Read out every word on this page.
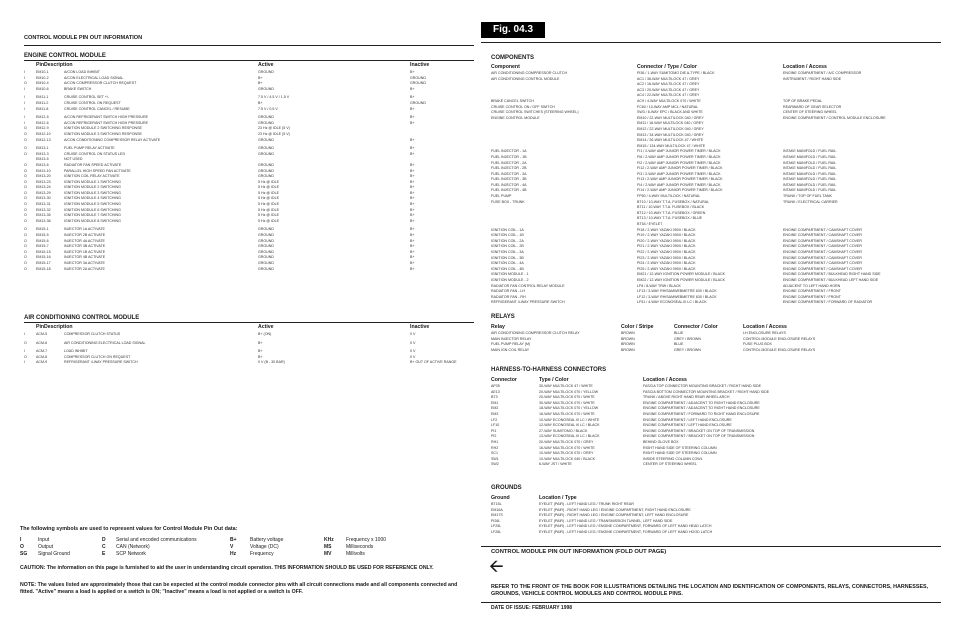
CONTROL MODULE PIN OUT INFORMATION
ENGINE CONTROL MODULE
Pin Description	Active	Inactive
I	EM10-1	A/CON LOAD INHIBIT	GROUND	B+
I	EM10-2	A/CON ELECTRICAL LOAD SIGNAL	B+	GROUND
O	EM10-4	A/CON COMPRESSOR CLUTCH REQUEST	B+	GROUND
I	EM10-6	BRAKE SWITCH	GROUND	B+
I	EM11-1	CRUISE CONTROL SET +/-	7.5 V / 4.5 V / 1.5 V	B+
I	EM11-2	CRUISE CONTROL ON REQUEST	B+	GROUND
I	EM11-8	CRUISE CONTROL CANCEL / RESUME	7.5 V / 0.5 V	B+
I	EM12-5	A/CON REFRIGERANT SWITCH HIGH PRESSURE	GROUND	B+
I	EM12-6	A/CON REFRIGERANT SWITCH HIGH PRESSURE	GROUND	B+
O	EM12-9	IGNITION MODULE 2 SWITCHING RESPONSE	23 Hz @ IDLE (5 V)
O	EM12-10	IGNITION MODULE 3 SWITCHING RESPONSE	23 Hz @ IDLE (5 V)
O	EM12-13	A/CON CONDITIONING COMPRESSOR RELAY ACTIVATE	GROUND	B+
O	EM13-1	FUEL PUMP RELAY ACTIVATE	GROUND	B+
O	EM13-3	CRUISE CONTROL ON STATUS LED	GROUND	B+
EM13-5	NOT USED
O	EM13-6	RADIATOR FAN SPEED ACTIVATE	GROUND	B+
O	EM13-10	PARALLEL HIGH SPEED FAN ACTIVATE	GROUND	B+
O	EM13-20	IGNITION COIL RELAY ACTIVATE	GROUND	B+
O	EM13-23	IGNITION MODULE 1 SWITCHING	5 Hz @ IDLE	B+
O	EM13-24	IGNITION MODULE 2 SWITCHING	5 Hz @ IDLE	B+
O	EM13-29	IGNITION MODULE 3 SWITCHING	5 Hz @ IDLE	B+
O	EM13-30	IGNITION MODULE 4 SWITCHING	5 Hz @ IDLE	B+
O	EM13-31	IGNITION MODULE 5 SWITCHING	5 Hz @ IDLE	B+
O	EM13-32	IGNITION MODULE 6 SWITCHING	5 Hz @ IDLE	B+
O	EM13-35	IGNITION MODULE 7 SWITCHING	5 Hz @ IDLE	B+
O	EM13-36	IGNITION MODULE 8 SWITCHING	5 Hz @ IDLE	B+
O	EM15-1	INJECTOR 1A ACTIVATE	GROUND	B+
O	EM15-5	INJECTOR 2B ACTIVATE	GROUND	B+
O	EM15-6	INJECTOR 4A ACTIVATE	GROUND	B+
O	EM15-7	INJECTOR 3B ACTIVATE	GROUND	B+
O	EM15-15	INJECTOR 1B ACTIVATE	GROUND	B+
O	EM15-16	INJECTOR 4B ACTIVATE	GROUND	B+
O	EM15-17	INJECTOR 3A ACTIVATE	GROUND	B+
O	EM15-18	INJECTOR 2A ACTIVATE	GROUND	B+
AIR CONDITIONING CONTROL MODULE
Pin Description	Active	Inactive
I	ACM-5	COMPRESSOR CLUTCH STATUS	B+ (ON)	0 V
O	ACM-6	AIR CONDITIONING ELECTRICAL LOAD SIGNAL	B+	0 V
I	ACM-7	LOAD INHIBIT	B+	0 V
O	ACM-8	COMPRESSOR CLUTCH ON REQUEST	B+	0 V
I	ACM-9	REFRIGERANT 4-WAY PRESSURE SWITCH	0 V (B - 30 BAR)	B+ OUT OF ACTIVE RANGE
The following symbols are used to represent values for Control Module Pin Out data:
I	Input	D	Serial and encoded communications	B+	Battery voltage	KHz	Frequency x 1000
O	Output	C	CAN (Network)	V	Voltage (DC)	MS	Milliseconds
SG	Signal Ground	E	SCP Network	Hz	Frequency	MV	Millivolts
CAUTION: The information on this page is furnished to aid the user in understanding circuit operation. THIS INFORMATION SHOULD BE USED FOR REFERENCE ONLY.
NOTE: The values listed are approximately those that can be expected at the control module connector pins with all circuit connections made and all components connected and fitted. "Active" means a load is applied or a switch is ON; "Inactive" means a load is not applied or a switch is OFF.
Fig. 04.3
COMPONENTS
Component	Connector / Type / Color	Location / Access
AIR CONDITIONING COMPRESSOR CLUTCH	PI36 / 1-WAY SUMITOMO DIE A-TYPE / BLACK	ENGINE COMPARTMENT / A/C COMPRESSOR
AIR CONDITIONING CONTROL MODULE	AC1 / 36-WAY MULTILOCK 47 / GREY	INSTRUMENT / RIGHT HAND SIDE
AC2 / 16-WAY MULTILOCK 47 / GREY
AC3 / 20-WAY MULTILOCK 47 / GREY
AC4 / 22-WAY MULTILOCK 47 / GREY
BRAKE CANCEL SWITCH	AC9 / 4-WAY MULTILOCK 070 / WHITE	TOP OF BRAKE PEDAL
CRUISE CONTROL ON / OFF SWITCH	FC60 / 10-WAY AMP MCL / NATURAL	REARWARD OF GEAR SELECTOR
CRUISE CONTROL SWITCHES (STEERING WHEEL)	SW3 / 6-WAY EPC / BLACK AND WHITE	CENTER OF STEERING WHEEL
ENGINE CONTROL MODULE	EM10 / 22-WAY MULTILOCK 040 / GREY	ENGINE COMPARTMENT / CONTROL MODULE ENCLOSURE
EM11 / 16-WAY MULTILOCK 040 / GREY
EM12 / 22-WAY MULTILOCK 040 / GREY
EM13 / 34-WAY MULTILOCK 040 / GREY
EM14 / 26-WAY MULTILOCK 47 / WHITE
EM15 / 134-WAY MULTILOCK 47 / WHITE
FUEL INJECTOR - 1A	FI1 / 2-WAY AMP JUNIOR POWER TIMER / BLACK	INTAKE MANIFOLD / FUEL RAIL
FUEL INJECTOR - 1B	FI6 / 2-WAY AMP JUNIOR POWER TIMER / BLACK	INTAKE MANIFOLD / FUEL RAIL
FUEL INJECTOR - 2A	FI2 / 2-WAY AMP JUNIOR POWER TIMER / BLACK	INTAKE MANIFOLD / FUEL RAIL
FUEL INJECTOR - 2B	FI12 / 2-WAY AMP JUNIOR POWER TIMER / BLACK	INTAKE MANIFOLD / FUEL RAIL
FUEL INJECTOR - 3A	FI3 / 2-WAY AMP JUNIOR POWER TIMER / BLACK	INTAKE MANIFOLD / FUEL RAIL
FUEL INJECTOR - 3B	FI13 / 2-WAY AMP JUNIOR POWER TIMER / BLACK	INTAKE MANIFOLD / FUEL RAIL
FUEL INJECTOR - 4A	FI4 / 2-WAY AMP JUNIOR POWER TIMER / BLACK	INTAKE MANIFOLD / FUEL RAIL
FUEL INJECTOR - 4B	FI14 / 2-WAY AMP JUNIOR POWER TIMER / BLACK	INTAKE MANIFOLD / FUEL RAIL
FUEL PUMP	FP50 / 4-WAY MULTILOCK / NATURAL	TRUNK / TOP OF FUEL TANK
FUSE BOX - TRUNK	BT10 / 10-WAY T.T.A. FUSEBOX / NATURAL	TRUNK / ELECTRICAL CARRIER
BT11 / 10-WAY T.T.A. FUSEBOX / BLACK
BT12 / 10-WAY T.T.A. FUSEBOX / GREEN
BT13 / 10-WAY T.T.A. FUSEBOX / BLUE
BT54 / EYELET
IGNITION COIL - 1A	PI18 / 2-WAY YAZAKI 090II / BLACK	ENGINE COMPARTMENT / CAMSHAFT COVER
IGNITION COIL - 1B	PI19 / 2-WAY YAZAKI 090II / BLACK	ENGINE COMPARTMENT / CAMSHAFT COVER
IGNITION COIL - 2A	PI20 / 2-WAY YAZAKI 090II / BLACK	ENGINE COMPARTMENT / CAMSHAFT COVER
IGNITION COIL - 2B	PI21 / 2-WAY YAZAKI 090II / BLACK	ENGINE COMPARTMENT / CAMSHAFT COVER
IGNITION COIL - 3A	PI22 / 2-WAY YAZAKI 090II / BLACK	ENGINE COMPARTMENT / CAMSHAFT COVER
IGNITION COIL - 3B	PI23 / 2-WAY YAZAKI 090II / BLACK	ENGINE COMPARTMENT / CAMSHAFT COVER
IGNITION COIL - 4A	PI24 / 2-WAY YAZAKI 090II / BLACK	ENGINE COMPARTMENT / CAMSHAFT COVER
IGNITION COIL - 4B	PI25 / 2-WAY YAZAKI 090II / BLACK	ENGINE COMPARTMENT / CAMSHAFT COVER
IGNITION MODULE - 1	EM21 / 12-WAY IGNITION POWER MODULE / BLACK	ENGINE COMPARTMENT / BULKHEAD RIGHT HAND SIDE
IGNITION MODULE - 2	EM22 / 12-WAY IGNITION POWER MODULE / BLACK	ENGINE COMPARTMENT / BULKHEAD LEFT HAND SIDE
RADIATOR FAN CONTROL RELAY MODULE	LF8 / 8-WAY TRW / BLACK	ADJACENT TO LEFT HAND HORN
RADIATOR FAN - LH	LF13 / 3-WAY RH/SAMWEBMETRE 630 / BLACK	ENGINE COMPARTMENT / FRONT
RADIATOR FAN - RH	LF12 / 3-WAY RH/SAMWEBMETRE 630 / BLACK	ENGINE COMPARTMENT / FRONT
REFRIGERANT 4-WAY PRESSURE SWITCH	LF51 / 4-WAY ECONOSEAL III LC / BLACK	ENGINE COMPARTMENT / FORWARD OF RADIATOR
RELAYS
Relay	Color / Stripe	Connector / Color	Location / Access
AIR CONDITIONING COMPRESSOR CLUTCH RELAY	BROWN	BLUE	LH ENCLOSURE RELAYS
MAIN INJECTOR RELAY	BROWN	GREY / BROWN	CONTROL MODULE ENCLOSURE RELAYS
FUEL PUMP RELAY (M)	BROWN	BLUE	FUSE PLUG BOX
MAIN IGN COIL RELAY	BROWN	GREY / BROWN	CONTROL MODULE ENCLOSURE RELAYS
HARNESS-TO-HARNESS CONNECTORS
Connector	Type / Color	Location / Access
AP35	30-WAY MULTILOCK 47 / WHITE	FASCIA TOP CONNECTOR MOUNTING BRACKET / RIGHT HAND SIDE
AE13	20-WAY MULTILOCK 070 / YELLOW	FASCIA BOTTOM CONNECTOR MOUNTING BRACKET / RIGHT HAND SIDE
BT3	20-WAY MULTILOCK 070 / WHITE	TRUNK / ABOVE RIGHT HAND REAR WHEEL ARCH
EM1	30-WAY MULTILOCK 070 / WHITE	ENGINE COMPARTMENT / ADJACENT TO RIGHT HAND ENCLOSURE
EM2	18-WAY MULTILOCK 070 / YELLOW	ENGINE COMPARTMENT / ADJACENT TO RIGHT HAND ENCLOSURE
EM3	16-WAY MULTILOCK 070 / WHITE	ENGINE COMPARTMENT / FORWARD TO RIGHT HAND ENCLOSURE
LF2	10-WAY ECONOSEAL III LC / WHITE	ENGINE COMPARTMENT / LEFT HAND ENCLOSURE
LF10	12-WAY ECONOSEAL III LC / BLACK	ENGINE COMPARTMENT / LEFT HAND ENCLOSURE
PI1	27-WAY SUMITOMO / BLACK	ENGINE COMPARTMENT / BRACKET ON TOP OF TRANSMISSION
PI2	13-WAY ECONOSEAL III LC / BLACK	ENGINE COMPARTMENT / BRACKET ON TOP OF TRANSMISSION
RH1	20-WAY MULTILOCK 070 / GREY	BEHIND GLOVE BOX
RH2	16-WAY MULTILOCK 070 / WHITE	RIGHT HAND SIDE OF STEERING COLUMN
SC1	10-WAY MULTILOCK 070 / GREY	RIGHT HAND SIDE OF STEERING COLUMN
SW1	10-WAY MULTILOCK 040 / BLACK	INSIDE STEERING COLUMN COWL
SW2	6-WAY JST / WHITE	CENTER OF STEERING WHEEL
GROUNDS
Ground	Location / Type
BT15L	EYELET (PAIR) - LEFT HAND LEG / TRUNK RIGHT REAR
EM16A	EYELET (PAIR) - RIGHT HAND LEG / ENGINE COMPARTMENT, RIGHT HAND ENCLOSURE
EM17S	EYELET (PAIR) - RIGHT HAND LEG / ENGINE COMPARTMENT, LEFT HAND ENCLOSURE
PI26L	EYELET (PAIR) - LEFT HAND LEG / TRANSMISSION TUNNEL, LEFT HAND SIDE
LF25L	EYELET (PAIR) - LEFT HAND LEG / ENGINE COMPARTMENT, FORWARD OF LEFT HAND HEAD LATCH
LF26L	EYELET (PAIR) - LEFT HAND LEG / ENGINE COMPARTMENT, FORWARD OF LEFT HAND HOOD LATCH
CONTROL MODULE PIN OUT INFORMATION (FOLD OUT PAGE)
🡨
REFER TO THE FRONT OF THE BOOK FOR ILLUSTRATIONS DETAILING THE LOCATION AND IDENTIFICATION OF COMPONENTS, RELAYS, CONNECTORS, HARNESSES, GROUNDS, VEHICLE CONTROL MODULES AND CONTROL MODULE PINS.
DATE OF ISSUE: FEBRUARY 1998
